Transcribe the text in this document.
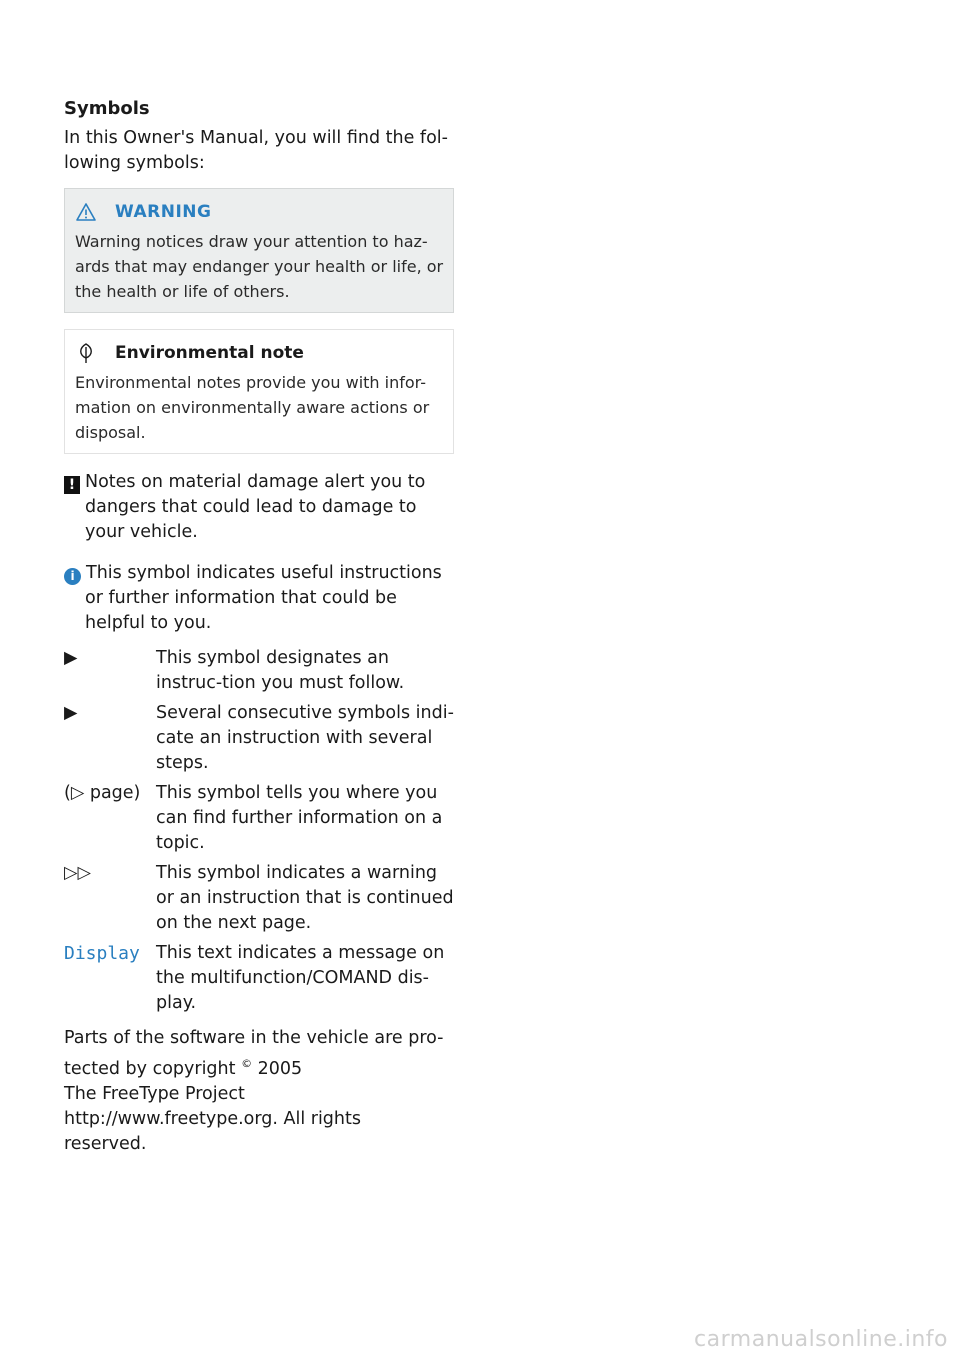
Symbols

In this Owner's Manual, you will find the fol-lowing symbols:

WARNING
Warning notices draw your attention to haz-ards that may endanger your health or life, or the health or life of others.
Environmental note
Environmental notes provide you with infor-mation on environmentally aware actions or disposal.
! Notes on material damage alert you to dangers that could lead to damage to your vehicle.
i This symbol indicates useful instructions or further information that could be helpful to you.
▶	This symbol designates an instruc-tion you must follow.
▶	Several consecutive symbols indi-cate an instruction with several steps.
(▷ page) This symbol tells you where you can find further information on a topic.
▷▷	This symbol indicates a warning or an instruction that is continued on the next page.
Display This text indicates a message on the multifunction/COMAND dis-play.
Parts of the software in the vehicle are pro-
tected by copyright © 2005
The FreeType Project
http://www.freetype.org. All rights
reserved.
carmanualsonline.info
